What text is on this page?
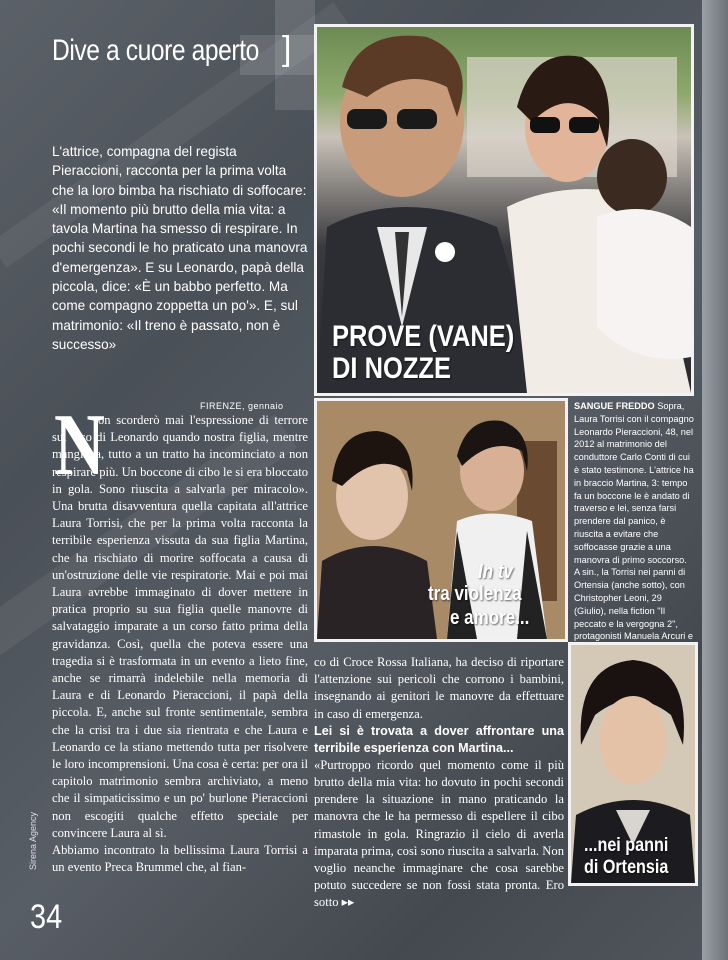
Dive a cuore aperto ]
L'attrice, compagna del regista Pieraccioni, racconta per la prima volta che la loro bimba ha rischiato di soffocare: «Il momento più brutto della mia vita: a tavola Martina ha smesso di respirare. In pochi secondi le ho praticato una manovra d'emergenza». E su Leonardo, papà della piccola, dice: «È un babbo perfetto. Ma come compagno zoppetta un po'». E, sul matrimonio: «Il treno è passato, non è successo»	PROVE (VANE)
DI NOZZE
In tv
tra violenza
e amore...
SANGUE FREDDO Sopra, Laura Torrisi con il compagno Leonardo Pieraccioni, 48, nel 2012 al matrimonio del conduttore Carlo Conti di cui è stato testimone. L'attrice ha in braccio Martina, 3: tempo fa un boccone le è andato di traverso e lei, senza farsi prendere dal panico, è riuscita a evitare che soffocasse grazie a una manovra di primo soccorso. A sin., la Torrisi nei panni di Ortensia (anche sotto), con Christopher Leoni, 29 (Giulio), nella fiction "Il peccato e la vergogna 2", protagonisti Manuela Arcuri e
...nei panni
di Ortensia
N	FIRENZE, gennaio

on scorderò mai l'espressione di terrore sul viso di Leonardo quando nostra figlia, mentre mangiava, tutto a un tratto ha incominciato a non respirare più. Un boccone di cibo le si era bloccato in gola. Sono riuscita a salvarla per miracolo». Una brutta disavventura quella capitata all'attrice Laura Torrisi, che per la prima volta racconta la terribile esperienza vissuta da sua figlia Martina, che ha rischiato di morire soffocata a causa di un'ostruzione delle vie respiratorie. Mai e poi mai Laura avrebbe immaginato di dover mettere in pratica proprio su sua figlia quelle manovre di salvataggio imparate a un corso fatto prima della gravidanza. Così, quella che poteva essere una tragedia si è trasformata in un evento a lieto fine, anche se rimarrà indelebile nella memoria di Laura e di Leonardo Pieraccioni, il papà della piccola. E, anche sul fronte sentimentale, sembra che la crisi tra i due sia rientrata e che Laura e Leonardo ce la stiano mettendo tutta per risolvere le loro incomprensioni. Una cosa è certa: per ora il capitolo matrimonio sembra archiviato, a meno che il simpaticissimo e un po' burlone Pieraccioni non escogiti qualche effetto speciale per convincere Laura al sì.

Abbiamo incontrato la bellissima Laura Torrisi a un evento Preca Brummel che, al fian-

co di Croce Rossa Italiana, ha deciso di riportare l'attenzione sui pericoli che corrono i bambini, insegnando ai genitori le manovre da effettuare in caso di emergenza.

Lei si è trovata a dover affrontare una terribile esperienza con Martina...

«Purtroppo ricordo quel momento come il più brutto della mia vita: ho dovuto in pochi secondi prendere la situazione in mano praticando la manovra che le ha permesso di espellere il cibo rimastole in gola. Ringrazio il cielo di averla imparata prima, così sono riuscita a salvarla. Non voglio neanche immaginare che cosa sarebbe potuto succedere se non fossi stata pronta. Ero sotto ▸▸

Sirena Agency
34
